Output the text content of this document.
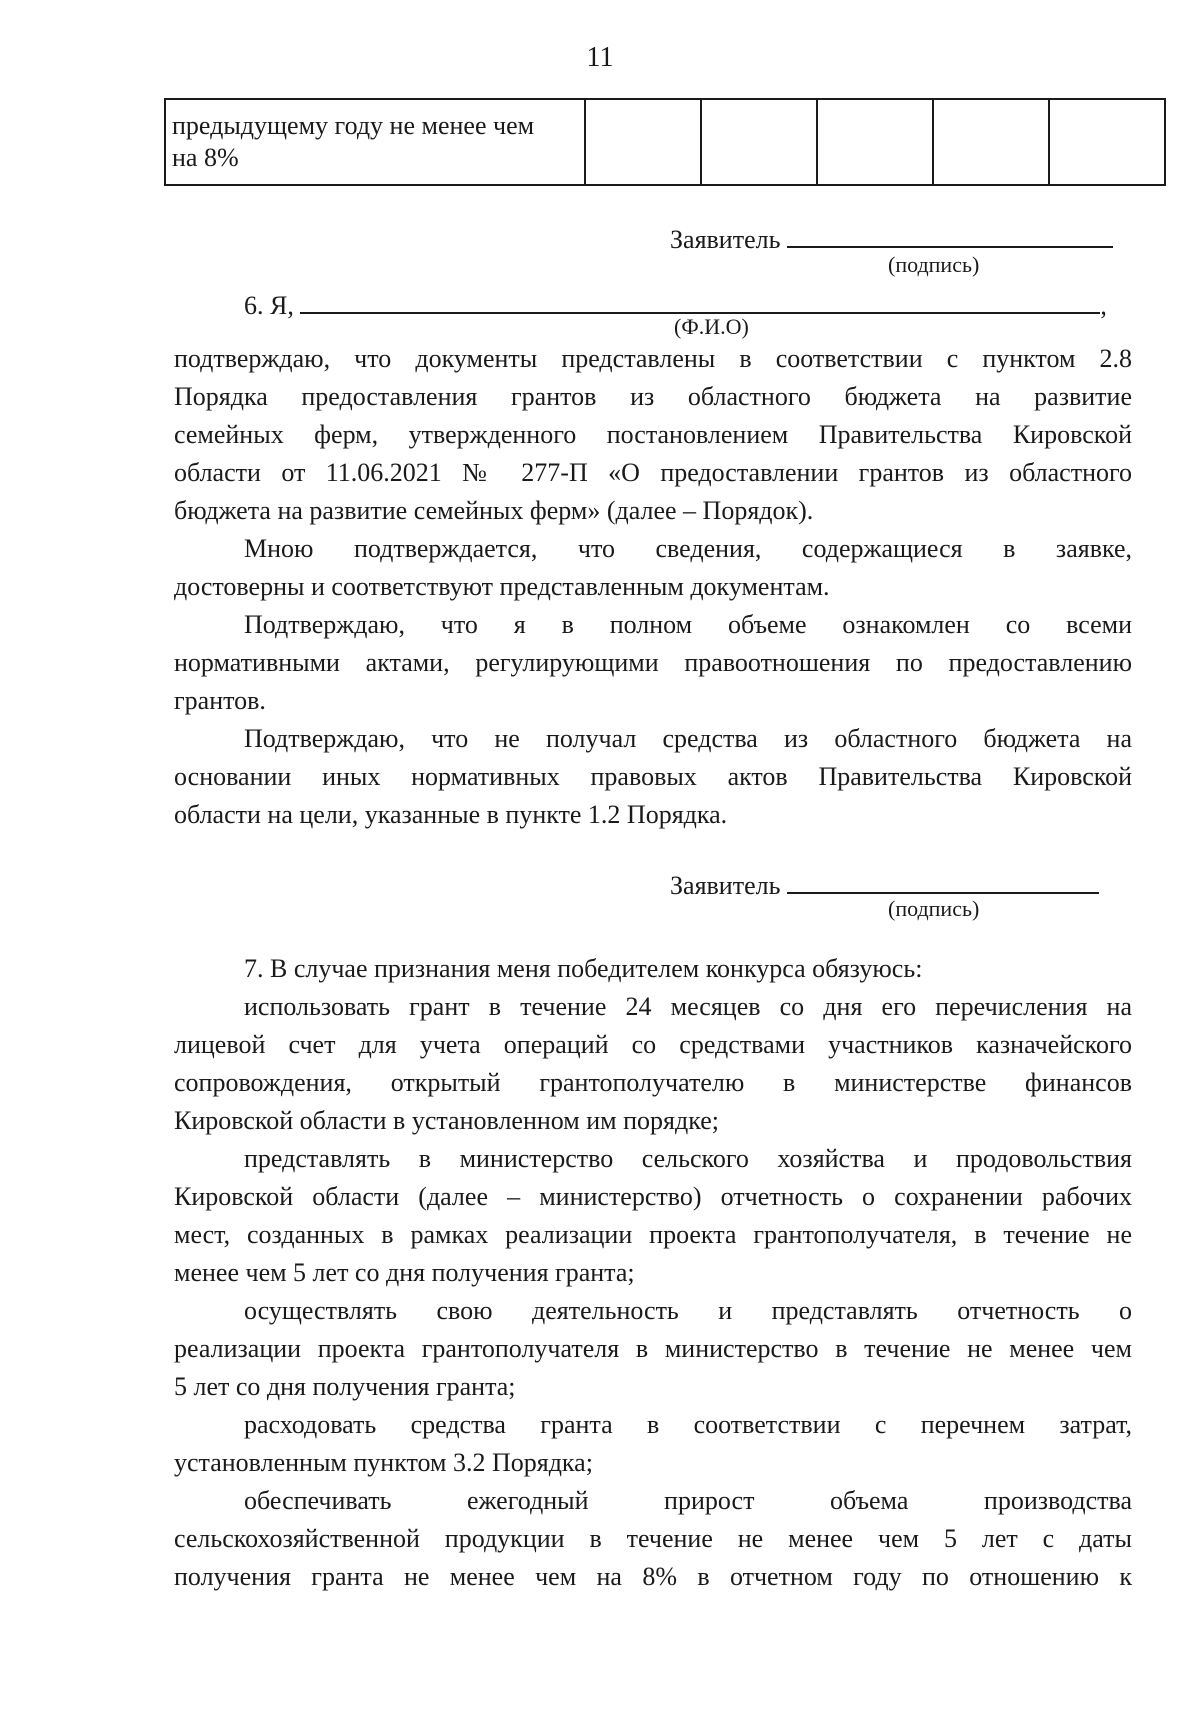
11
предыдущему году не менее чем
на 8%

Заявитель
(подпись)
6. Я,	,
(Ф.И.О)
подтверждаю, что документы представлены в соответствии с пунктом 2.8
Порядка предоставления грантов из областного бюджета на развитие
семейных ферм, утвержденного постановлением Правительства Кировской
области от 11.06.2021 № 277-П «О предоставлении грантов из областного
бюджета на развитие семейных ферм» (далее – Порядок).
Мною подтверждается, что сведения, содержащиеся в заявке,
достоверны и соответствуют представленным документам.
Подтверждаю, что я в полном объеме ознакомлен со всеми
нормативными актами, регулирующими правоотношения по предоставлению
грантов.
Подтверждаю, что не получал средства из областного бюджета на
основании иных нормативных правовых актов Правительства Кировской
области на цели, указанные в пункте 1.2 Порядка.
Заявитель
(подпись)
7. В случае признания меня победителем конкурса обязуюсь:
использовать грант в течение 24 месяцев со дня его перечисления на
лицевой счет для учета операций со средствами участников казначейского
сопровождения, открытый грантополучателю в министерстве финансов
Кировской области в установленном им порядке;
представлять в министерство сельского хозяйства и продовольствия
Кировской области (далее – министерство) отчетность о сохранении рабочих
мест, созданных в рамках реализации проекта грантополучателя, в течение не
менее чем 5 лет со дня получения гранта;
осуществлять свою деятельность и представлять отчетность о
реализации проекта грантополучателя в министерство в течение не менее чем
5 лет со дня получения гранта;
расходовать средства гранта в соответствии с перечнем затрат,
установленным пунктом 3.2 Порядка;
обеспечивать ежегодный прирост объема производства
сельскохозяйственной продукции в течение не менее чем 5 лет с даты
получения гранта не менее чем на 8% в отчетном году по отношению к
